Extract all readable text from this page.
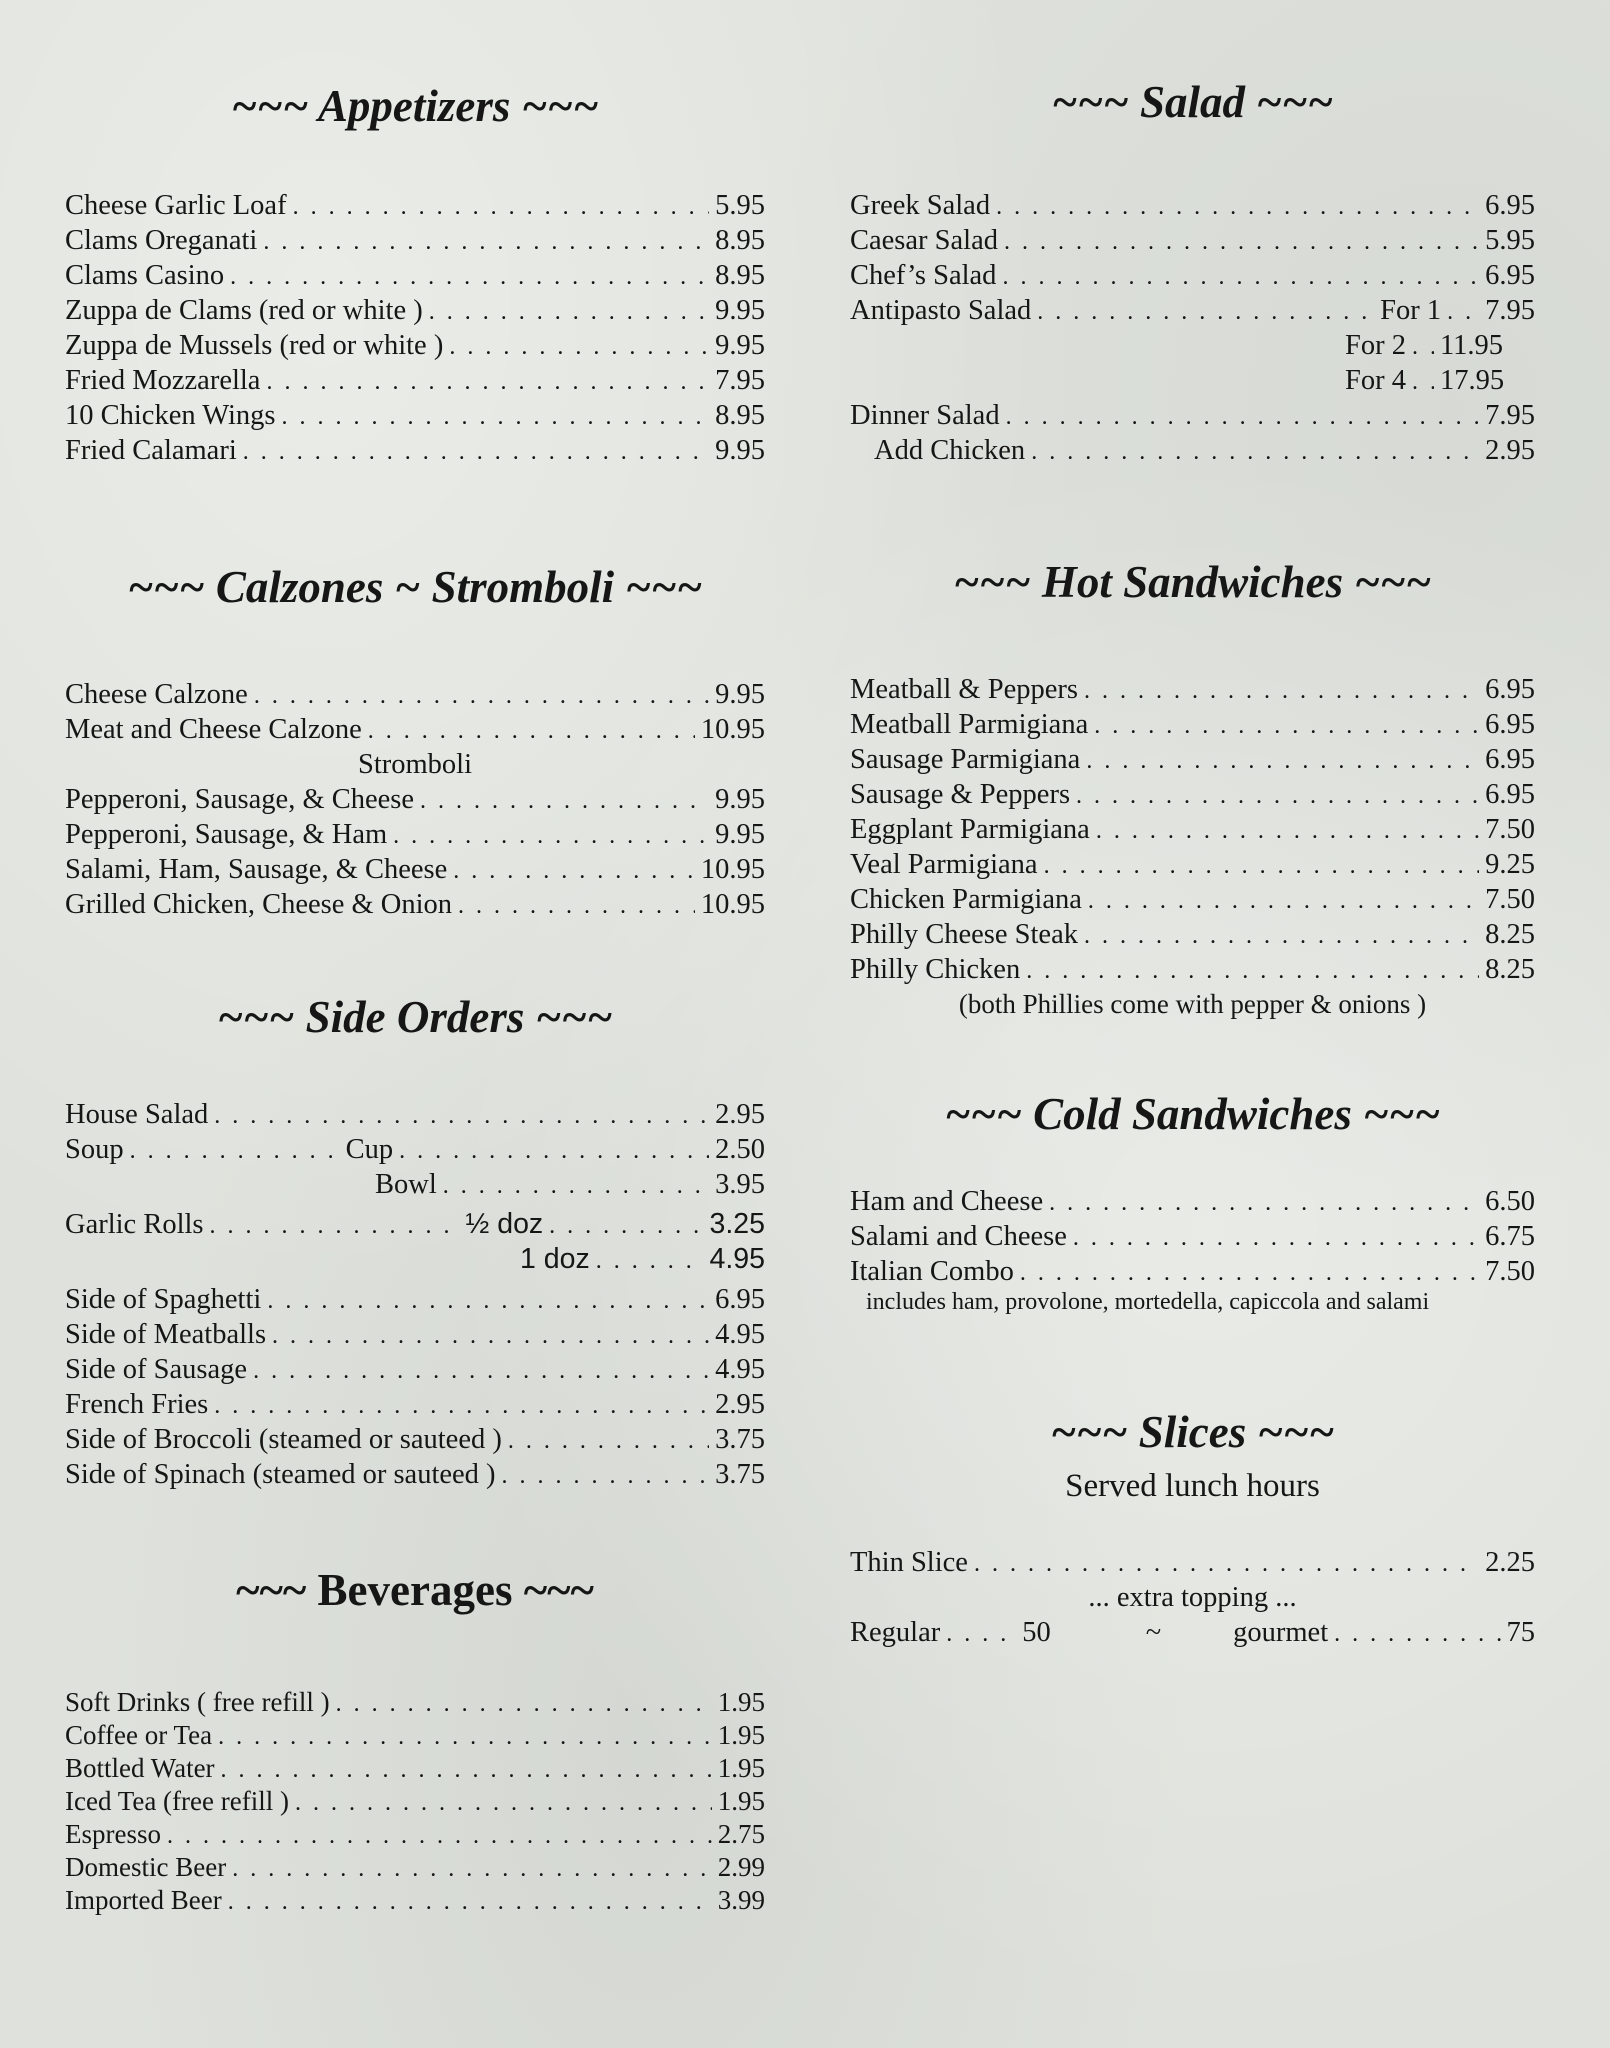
~~~ Appetizers ~~~
Cheese Garlic Loaf . . .	5.95
Clams Oreganati . . .	8.95
Clams Casino . . .	8.95
Zuppa de Clams (red or white ) . . .	9.95
Zuppa de Mussels (red or white ) . . .	9.95
Fried Mozzarella . . .	7.95
10 Chicken Wings . . .	8.95
Fried Calamari . . .	9.95
~~~ Calzones ~ Stromboli ~~~
Cheese Calzone . . .	9.95
Meat and Cheese Calzone . . .	10.95
Stromboli
Pepperoni, Sausage, & Cheese . . .	9.95
Pepperoni, Sausage, & Ham . . .	9.95
Salami, Ham, Sausage, & Cheese . . .	10.95
Grilled Chicken, Cheese & Onion . . .	10.95
~~~ Side Orders ~~~
House Salad . . .	2.95
Soup . . .	Cup . . .	2.50
Bowl . . .	3.95
Garlic Rolls . . .	½ doz . . .	3.25
1 doz . . .	4.95
Side of Spaghetti . . .	6.95
Side of Meatballs . . .	4.95
Side of Sausage . . .	4.95
French Fries . . .	2.95
Side of Broccoli (steamed or sauteed ) . . .	3.75
Side of Spinach (steamed or sauteed ) . . .	3.75
~~~ Beverages ~~~
Soft Drinks ( free refill ) . . .	1.95
Coffee or Tea . . .	1.95
Bottled Water . . .	1.95
Iced Tea (free refill ) . . .	1.95
Espresso . . .	2.75
Domestic Beer . . .	2.99
Imported Beer . . .	3.99
~~~ Salad ~~~
Greek Salad . . .	6.95
Caesar Salad . . .	5.95
Chef’s Salad . . .	6.95
Antipasto Salad . . .	For 1 . . . 7.95
For 2 . . . 11.95
For 4 . . . 17.95
Dinner Salad . . .	7.95
Add Chicken . . .	2.95
~~~ Hot Sandwiches ~~~
Meatball & Peppers . . .	6.95
Meatball Parmigiana . . .	6.95
Sausage Parmigiana . . .	6.95
Sausage & Peppers . . .	6.95
Eggplant Parmigiana . . .	7.50
Veal Parmigiana . . .	9.25
Chicken Parmigiana . . .	7.50
Philly Cheese Steak . . .	8.25
Philly Chicken . . .	8.25
(both Phillies come with pepper & onions )
~~~ Cold Sandwiches ~~~
Ham and Cheese . . .	6.50
Salami and Cheese . . .	6.75
Italian Combo . . .	7.50
includes ham, provolone, mortedella, capiccola and salami
~~~ Slices ~~~
Served lunch hours
Thin Slice . . .	2.25
... extra topping ...
Regular . . .	50	~	gourmet . . .	75
